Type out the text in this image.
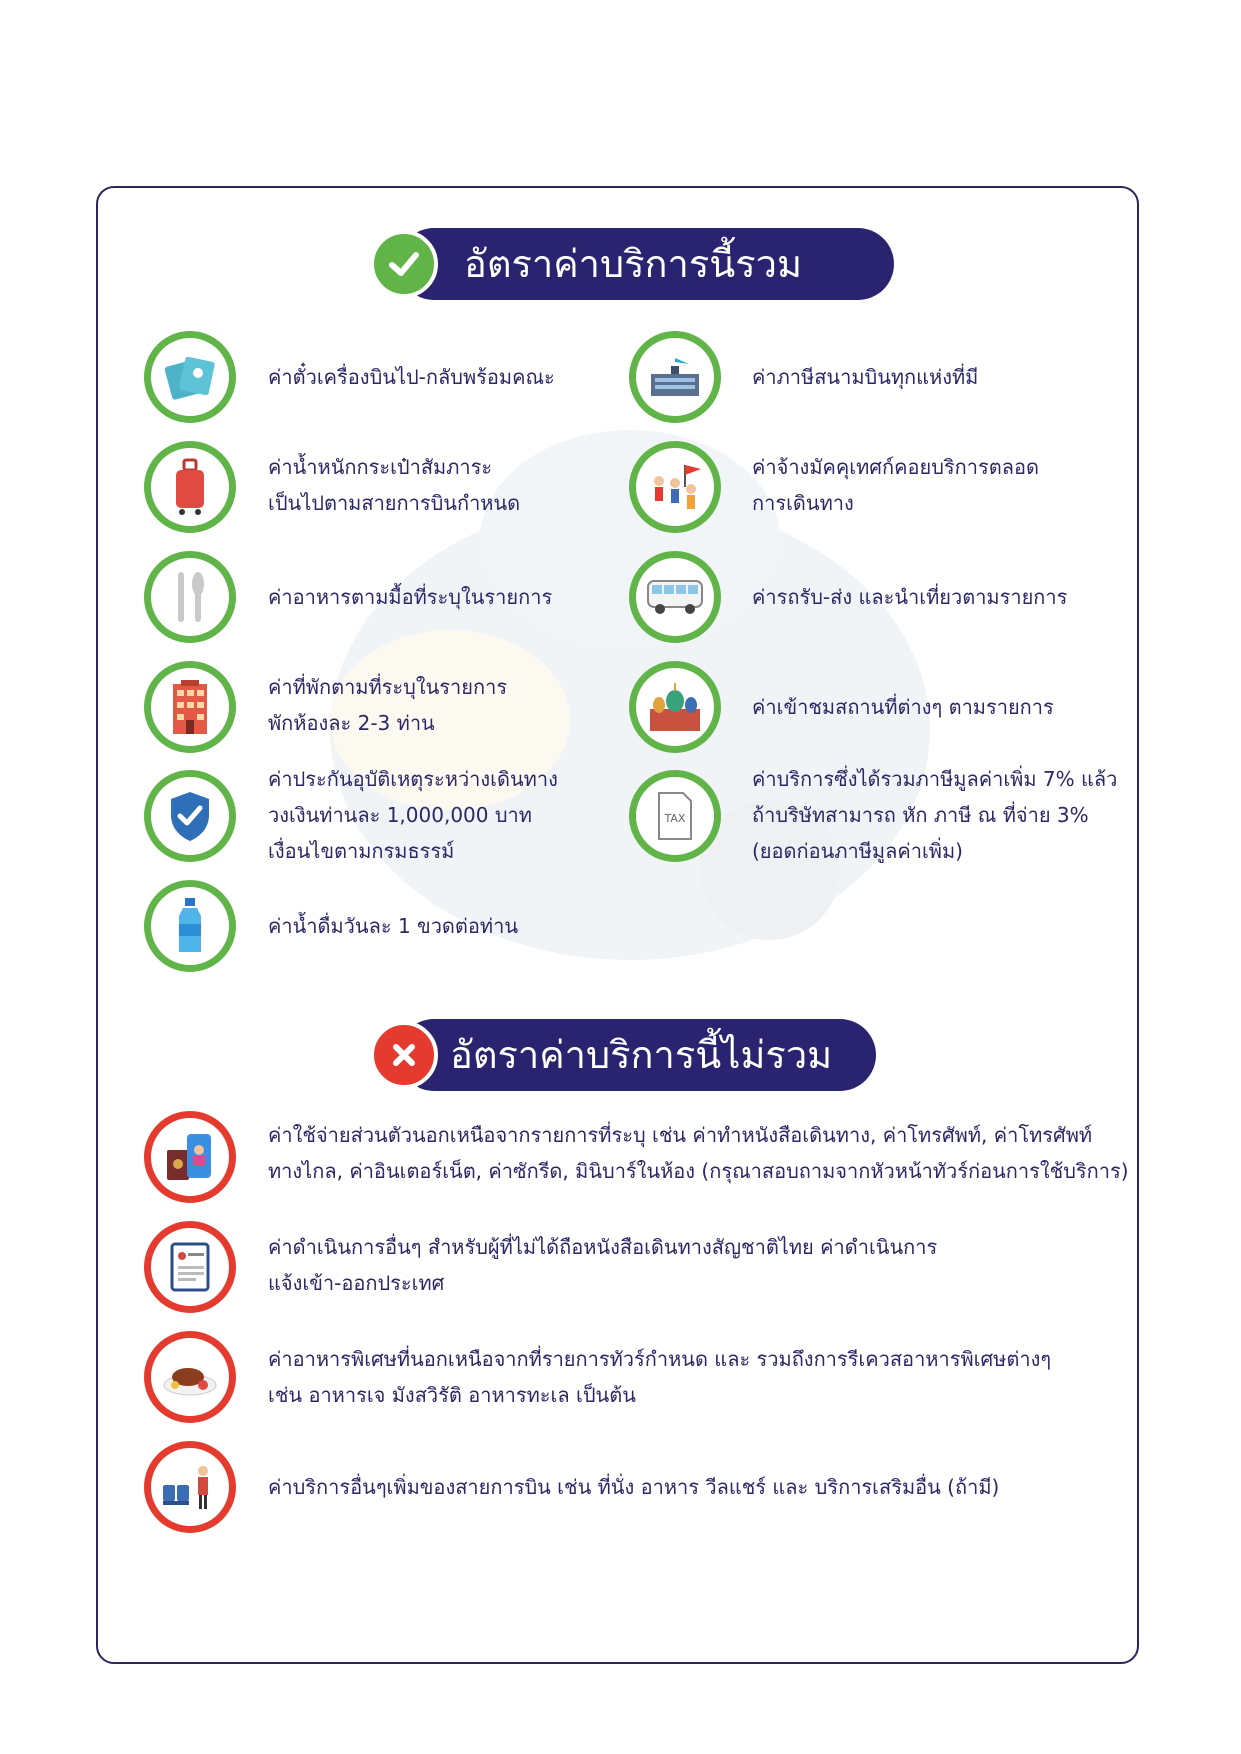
อัตราค่าบริการนี้รวม
ค่าตั๋วเครื่องบินไป-กลับพร้อมคณะ	ค่าภาษีสนามบินทุกแห่งที่มี
ค่าน้ำหนักกระเป๋าสัมภาระ
เป็นไปตามสายการบินกำหนด
ค่าจ้างมัคคุเทศก์คอยบริการตลอด
การเดินทาง
ค่าอาหารตามมื้อที่ระบุในรายการ	ค่ารถรับ-ส่ง และนำเที่ยวตามรายการ
ค่าที่พักตามที่ระบุในรายการ
พักห้องละ 2-3 ท่าน
ค่าเข้าชมสถานที่ต่างๆ ตามรายการ
ค่าประกันอุบัติเหตุระหว่างเดินทาง
วงเงินท่านละ 1,000,000 บาท
เงื่อนไขตามกรมธรรม์
TAX
ค่าบริการซึ่งได้รวมภาษีมูลค่าเพิ่ม 7% แล้ว
ถ้าบริษัทสามารถ หัก ภาษี ณ ที่จ่าย 3%
(ยอดก่อนภาษีมูลค่าเพิ่ม)
ค่าน้ำดื่มวันละ 1 ขวดต่อท่าน
อัตราค่าบริการนี้ไม่รวม
ค่าใช้จ่ายส่วนตัวนอกเหนือจากรายการที่ระบุ เช่น ค่าทำหนังสือเดินทาง, ค่าโทรศัพท์, ค่าโทรศัพท์
ทางไกล, ค่าอินเตอร์เน็ต, ค่าซักรีด, มินิบาร์ในห้อง (กรุณาสอบถามจากหัวหน้าทัวร์ก่อนการใช้บริการ)
ค่าดำเนินการอื่นๆ สำหรับผู้ที่ไม่ได้ถือหนังสือเดินทางสัญชาติไทย ค่าดำเนินการ
แจ้งเข้า-ออกประเทศ
ค่าอาหารพิเศษที่นอกเหนือจากที่รายการทัวร์กำหนด และ รวมถึงการรีเควสอาหารพิเศษต่างๆ
เช่น อาหารเจ มังสวิรัติ อาหารทะเล เป็นต้น
ค่าบริการอื่นๆเพิ่มของสายการบิน เช่น ที่นั่ง อาหาร วีลแชร์ และ บริการเสริมอื่น (ถ้ามี)
